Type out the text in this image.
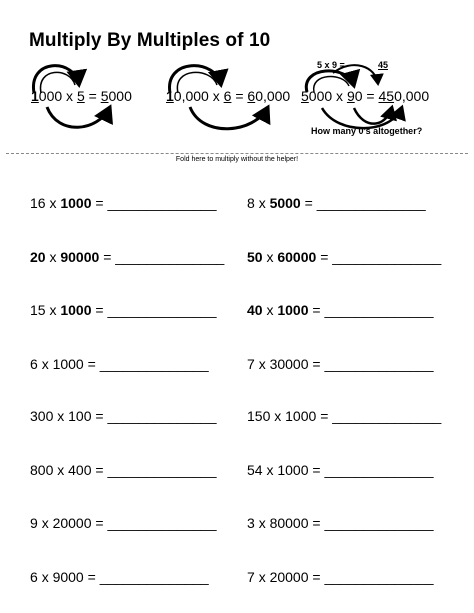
Multiply By Multiples of 10
1000 x 5 = 5000 10,000 x 6 = 60,000 5000 x 90 = 450,000
5 x 9 =	45
How many 0’s altogether?
Fold here to multiply without the helper!
16 x 1000 = ______________ 8 x 5000 = ______________
20 x 90000 = ______________ 50 x 60000 = ______________
15 x 1000 = ______________ 40 x 1000 = ______________
6 x 1000 = ______________	7 x 30000 = ______________
300 x 100 = ______________ 150 x 1000 = ______________
800 x 400 = ______________ 54 x 1000 = ______________
9 x 20000 = ______________ 3 x 80000 = ______________
6 x 9000 = ______________	7 x 20000 = ______________
